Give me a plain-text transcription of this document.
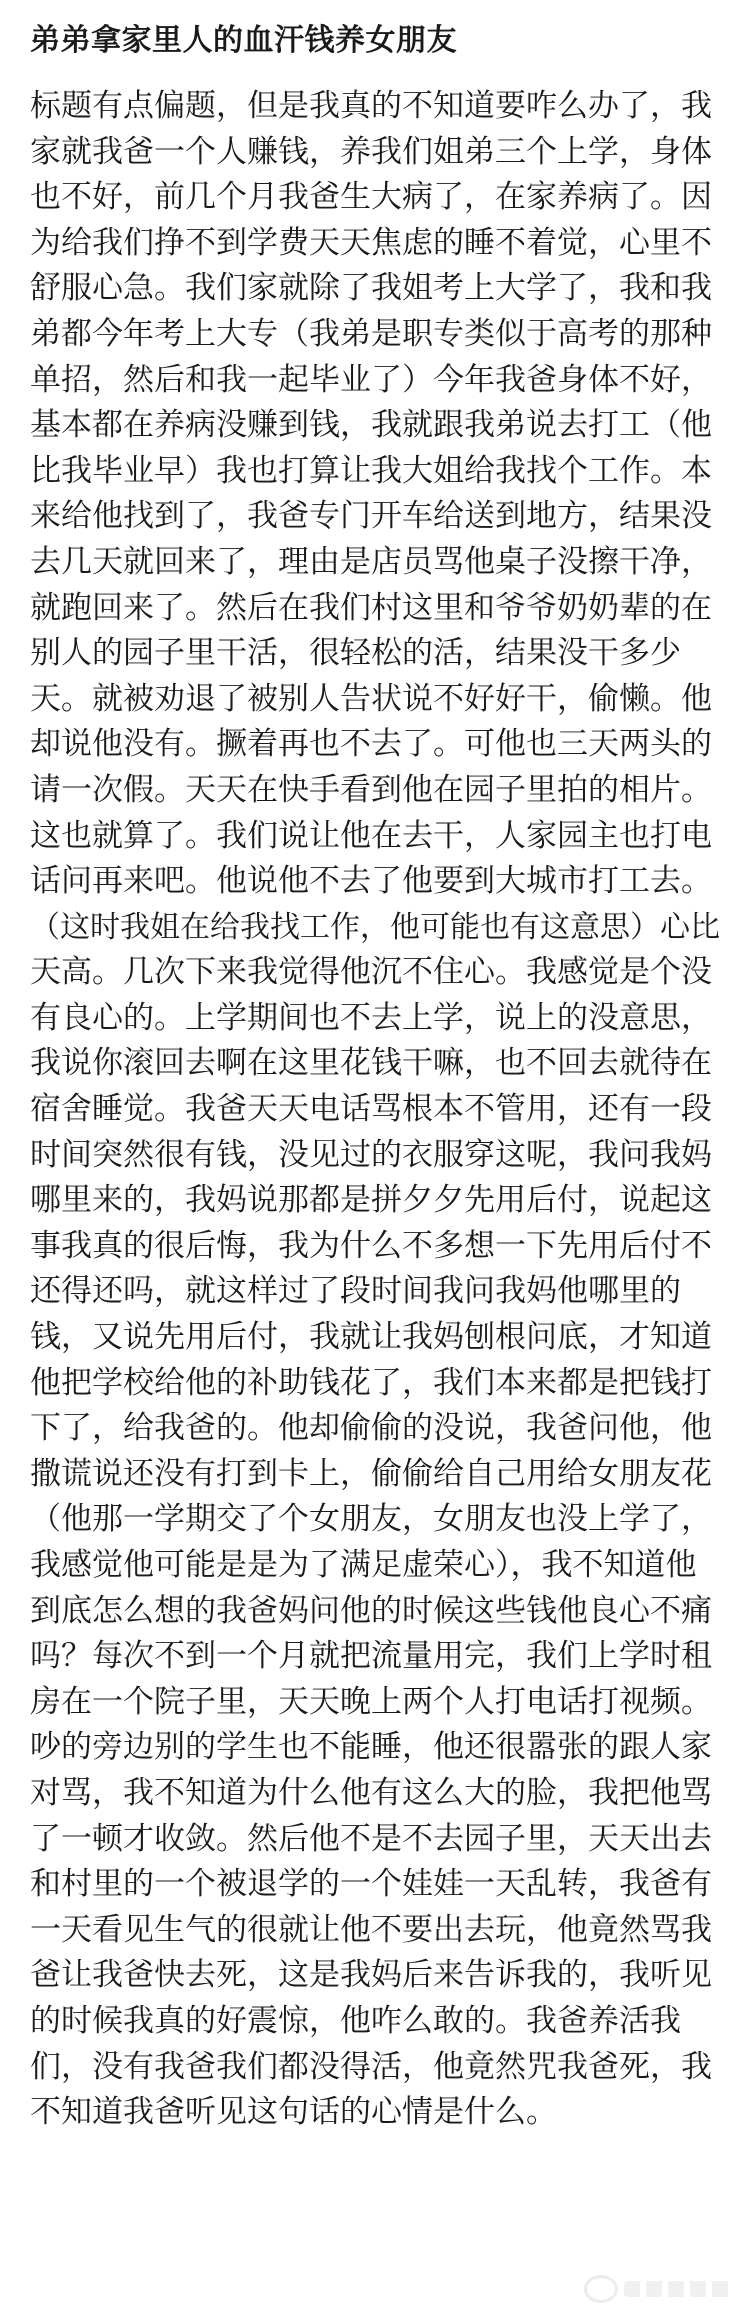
弟弟拿家里人的血汗钱养女朋友
标题有点偏题，但是我真的不知道要咋么办了，我
家就我爸一个人赚钱，养我们姐弟三个上学，身体
也不好，前几个月我爸生大病了，在家养病了。因
为给我们挣不到学费天天焦虑的睡不着觉，心里不
舒服心急。我们家就除了我姐考上大学了，我和我
弟都今年考上大专（我弟是职专类似于高考的那种
单招，然后和我一起毕业了）今年我爸身体不好，
基本都在养病没赚到钱，我就跟我弟说去打工（他
比我毕业早）我也打算让我大姐给我找个工作。本
来给他找到了，我爸专门开车给送到地方，结果没
去几天就回来了，理由是店员骂他桌子没擦干净，
就跑回来了。然后在我们村这里和爷爷奶奶辈的在
别人的园子里干活，很轻松的活，结果没干多少
天。就被劝退了被别人告状说不好好干，偷懒。他
却说他没有。撅着再也不去了。可他也三天两头的
请一次假。天天在快手看到他在园子里拍的相片。
这也就算了。我们说让他在去干，人家园主也打电
话问再来吧。他说他不去了他要到大城市打工去。
（这时我姐在给我找工作，他可能也有这意思）心比
天高。几次下来我觉得他沉不住心。我感觉是个没
有良心的。上学期间也不去上学，说上的没意思，
我说你滚回去啊在这里花钱干嘛，也不回去就待在
宿舍睡觉。我爸天天电话骂根本不管用，还有一段
时间突然很有钱，没见过的衣服穿这呢，我问我妈
哪里来的，我妈说那都是拼夕夕先用后付，说起这
事我真的很后悔，我为什么不多想一下先用后付不
还得还吗，就这样过了段时间我问我妈他哪里的
钱，又说先用后付，我就让我妈刨根问底，才知道
他把学校给他的补助钱花了，我们本来都是把钱打
下了，给我爸的。他却偷偷的没说，我爸问他，他
撒谎说还没有打到卡上，偷偷给自己用给女朋友花
（他那一学期交了个女朋友，女朋友也没上学了，
我感觉他可能是是为了满足虚荣心），我不知道他
到底怎么想的我爸妈问他的时候这些钱他良心不痛
吗？每次不到一个月就把流量用完，我们上学时租
房在一个院子里，天天晚上两个人打电话打视频。
吵的旁边别的学生也不能睡，他还很嚣张的跟人家
对骂，我不知道为什么他有这么大的脸，我把他骂
了一顿才收敛。然后他不是不去园子里，天天出去
和村里的一个被退学的一个娃娃一天乱转，我爸有
一天看见生气的很就让他不要出去玩，他竟然骂我
爸让我爸快去死，这是我妈后来告诉我的，我听见
的时候我真的好震惊，他咋么敢的。我爸养活我
们，没有我爸我们都没得活，他竟然咒我爸死，我
不知道我爸听见这句话的心情是什么。
